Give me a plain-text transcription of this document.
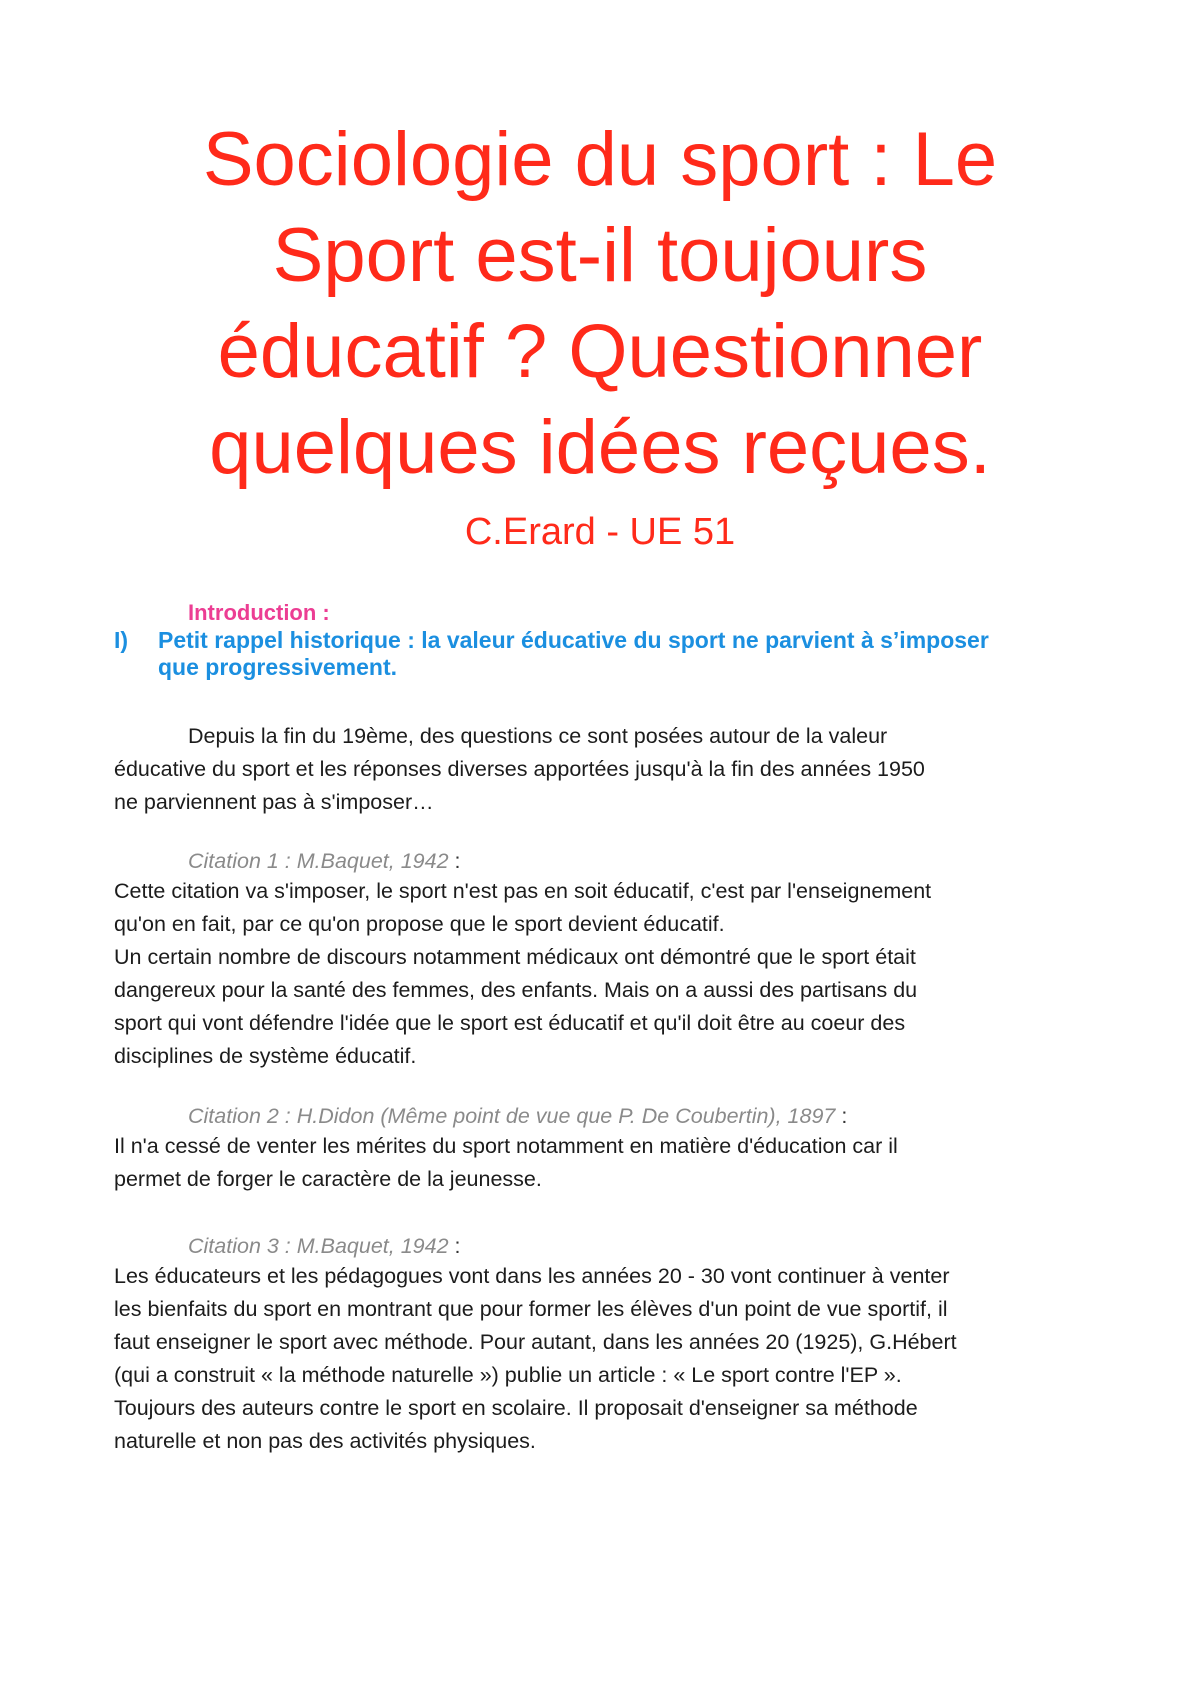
Sociologie du sport : Le
Sport est-il toujours
éducatif ? Questionner
quelques idées reçues.
C.Erard - UE 51
Introduction :
I) Petit rappel historique : la valeur éducative du sport ne parvient à s’imposer
que progressivement.
Depuis la fin du 19ème, des questions ce sont posées autour de la valeur
éducative du sport et les réponses diverses apportées jusqu'à la fin des années 1950
ne parviennent pas à s'imposer…
Citation 1 : M.Baquet, 1942 :
Cette citation va s'imposer, le sport n'est pas en soit éducatif, c'est par l'enseignement
qu'on en fait, par ce qu'on propose que le sport devient éducatif.
Un certain nombre de discours notamment médicaux ont démontré que le sport était
dangereux pour la santé des femmes, des enfants. Mais on a aussi des partisans du
sport qui vont défendre l'idée que le sport est éducatif et qu'il doit être au coeur des
disciplines de système éducatif.
Citation 2 : H.Didon (Même point de vue que P. De Coubertin), 1897 :
Il n'a cessé de venter les mérites du sport notamment en matière d'éducation car il
permet de forger le caractère de la jeunesse.
Citation 3 : M.Baquet, 1942 :
Les éducateurs et les pédagogues vont dans les années 20 - 30 vont continuer à venter
les bienfaits du sport en montrant que pour former les élèves d'un point de vue sportif, il
faut enseigner le sport avec méthode. Pour autant, dans les années 20 (1925), G.Hébert
(qui a construit « la méthode naturelle ») publie un article : « Le sport contre l'EP ».
Toujours des auteurs contre le sport en scolaire. Il proposait d'enseigner sa méthode
naturelle et non pas des activités physiques.
